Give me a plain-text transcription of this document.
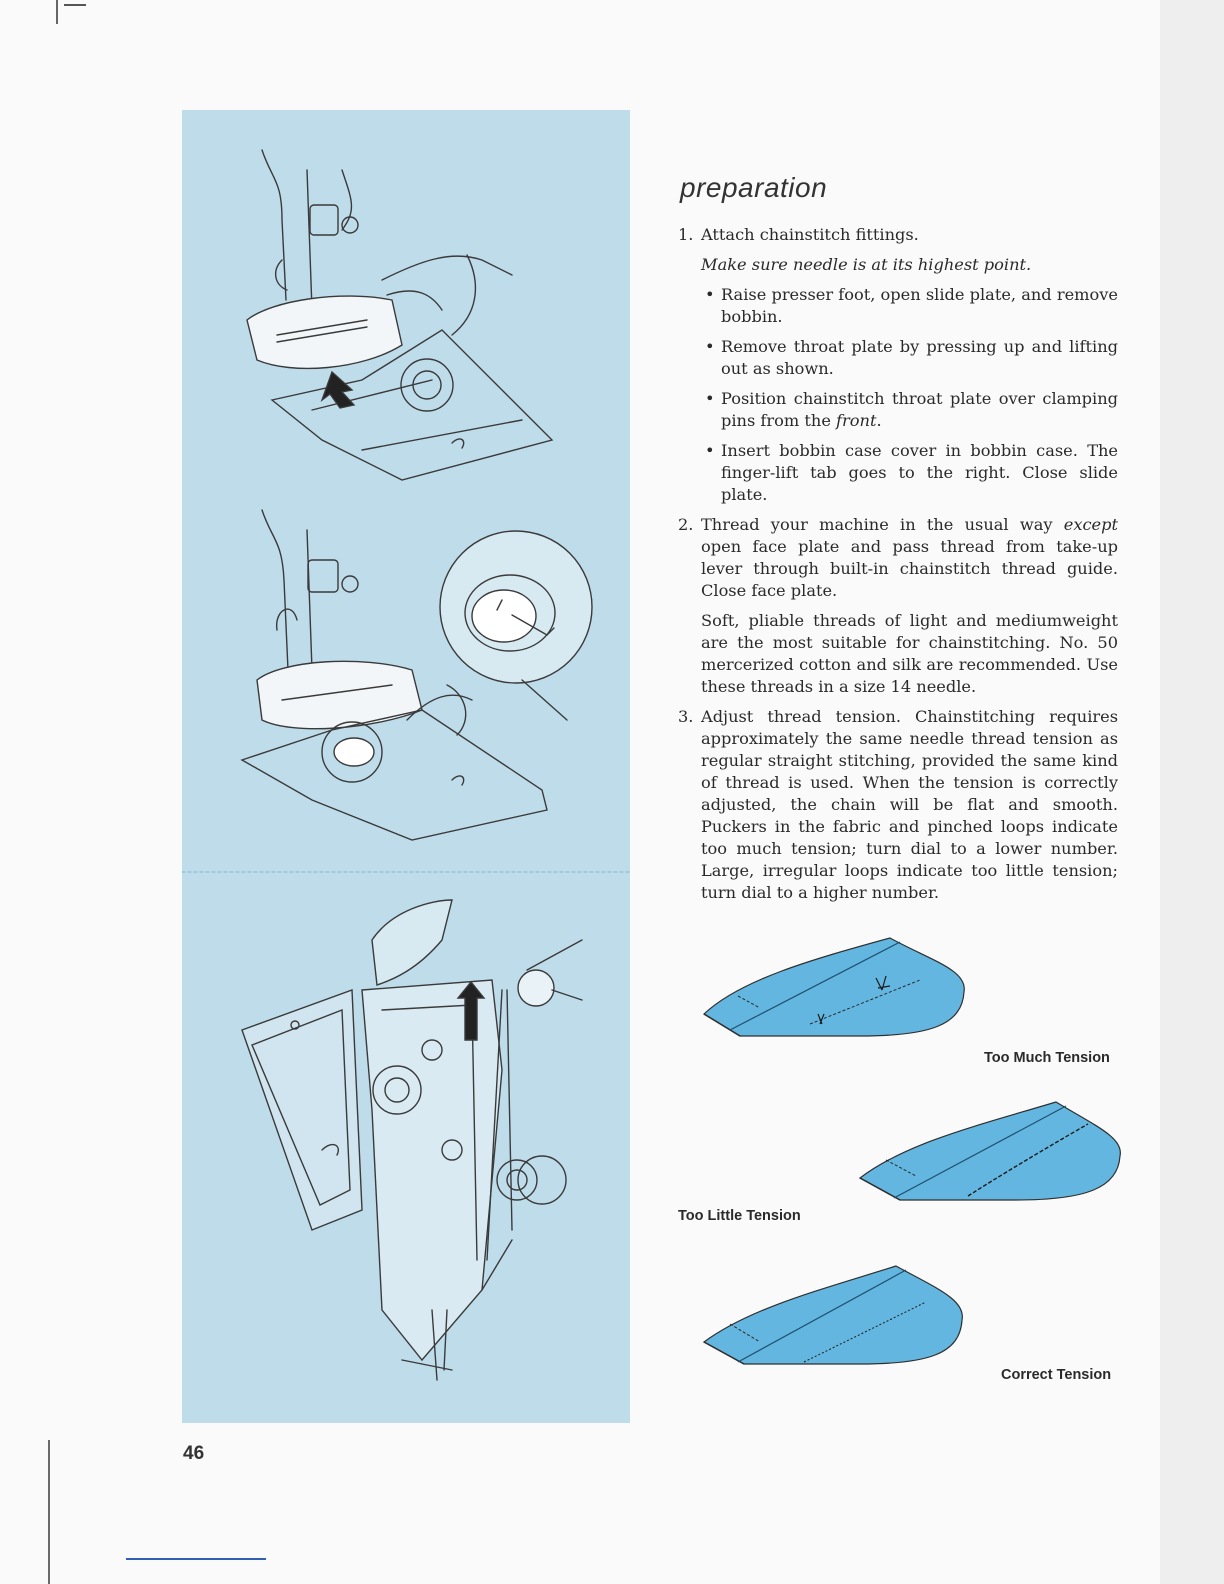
preparation
1. Attach chainstitch fittings.
Make sure needle is at its highest point.
• Raise presser foot, open slide plate, and remove bobbin.
• Remove throat plate by pressing up and lifting out as shown.
• Position chainstitch throat plate over clamping pins from the front.
• Insert bobbin case cover in bobbin case. The finger-lift tab goes to the right. Close slide plate.
2. Thread your machine in the usual way except open face plate and pass thread from take-up lever through built-in chainstitch thread guide. Close face plate.
Soft, pliable threads of light and mediumweight are the most suitable for chainstitching. No. 50 mercerized cotton and silk are recommended. Use these threads in a size 14 needle.
3. Adjust thread tension. Chainstitching requires approximately the same needle thread tension as regular straight stitching, provided the same kind of thread is used. When the tension is correctly adjusted, the chain will be flat and smooth. Puckers in the fabric and pinched loops indicate too much tension; turn dial to a lower number. Large, irregular loops indicate too little tension; turn dial to a higher number.
Too Much Tension
Too Little Tension
Correct Tension
46
